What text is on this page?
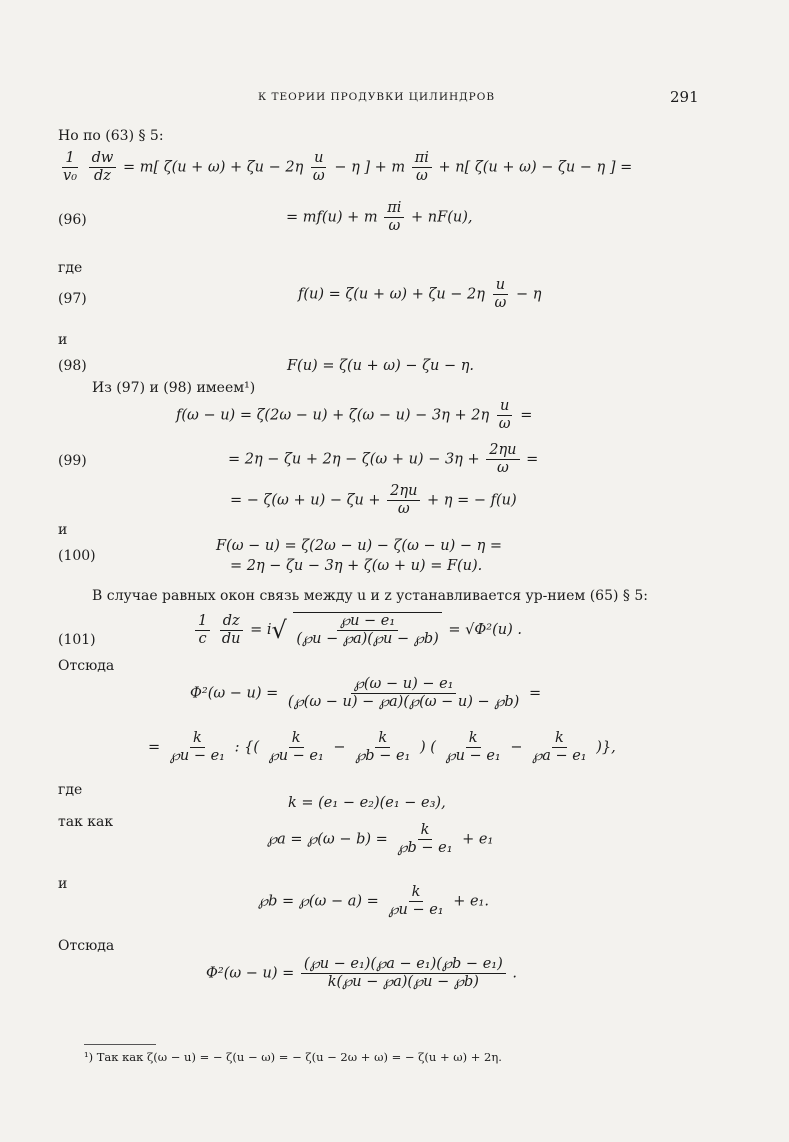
К ТЕОРИИ ПРОДУВКИ ЦИЛИНДРОВ	291
Но по (63) § 5:
$\frac{1}{\text{v₀}}$
$\frac{dw}{dz} = m$[ $\zeta(u + \omega) + \zeta u - 2\eta \frac{u}{\omega} - \eta$ ] + m $\frac{\pi i}{\omega} + n$[ ζ(u + ω) − ζu − η ] =
(96)	= mf(u) + m $\frac{\pi i}{\omega} + nF(u)$,
где
(97)	$f(u) = \zeta(u + \omega) + \zeta u - 2\eta \frac{u}{\omega} - \eta$
и
(98)	F(u) = ζ(u + ω) − ζu − η.
Из (97) и (98) имеем¹)
$f(\omega - u) = \zeta(2\omega - u) + \zeta(\omega - u) - 3\eta + 2\eta \frac{u}{\omega}$ =
(99)	= $2\eta - \zeta u + 2\eta - \zeta(\omega + u) - 3\eta + \frac{2\eta u}{\omega}$ =
= − $\zeta(\omega + u) - \zeta u + \frac{2\eta u}{\omega} + \eta$ = − f(u)
и
(100)
F(ω − u) = ζ(2ω − u) − ζ(ω − u) − η =
= 2η − ζu − 3η + ζ(ω + u) = F(u).
В случае равных окон связь между u и z устанавливается ур-нием (65) § 5:
(101)	$\frac{1}{c}$
$\frac{dz}{du} = i√ \frac{\text{℘u − e₁}}{(℘u - ℘a)(℘u - ℘b)} = √\Phi^2(u)$ .
Отсюда
$\Phi^2(\omega - u) = \frac{\text{℘(ω − u) − e₁}}{(℘(\omega - u) - ℘a)(℘(\omega - u) - ℘b)}$ =
= $\frac{k}{\text{℘u − e₁}}$ : {( $\frac{k}{\text{℘u − e₁}} - \frac{k}{\text{℘b − e₁}}$ ) ( $\frac{k}{\text{℘u − e₁}} - \frac{k}{\text{℘a − e₁}}$ )},
где
k = (e₁ − e₂)(e₁ − e₃),
так как
℘a = ℘(ω − $b) = \frac{k}{\text{℘b − e₁}} + e_1$
и
℘b = ℘(ω − $a) = \frac{k}{\text{℘u − e₁}} + e_1$.
Отсюда
$\Phi^2(\omega - u) = \frac{\text{(℘u − e₁)(℘a − e₁)(℘b − e₁)}}{k(℘u - ℘a)(℘u - ℘b)}$ .
¹) Так как ζ(ω − u) = − ζ(u − ω) = − ζ(u − 2ω + ω) = − ζ(u + ω) + 2η.
